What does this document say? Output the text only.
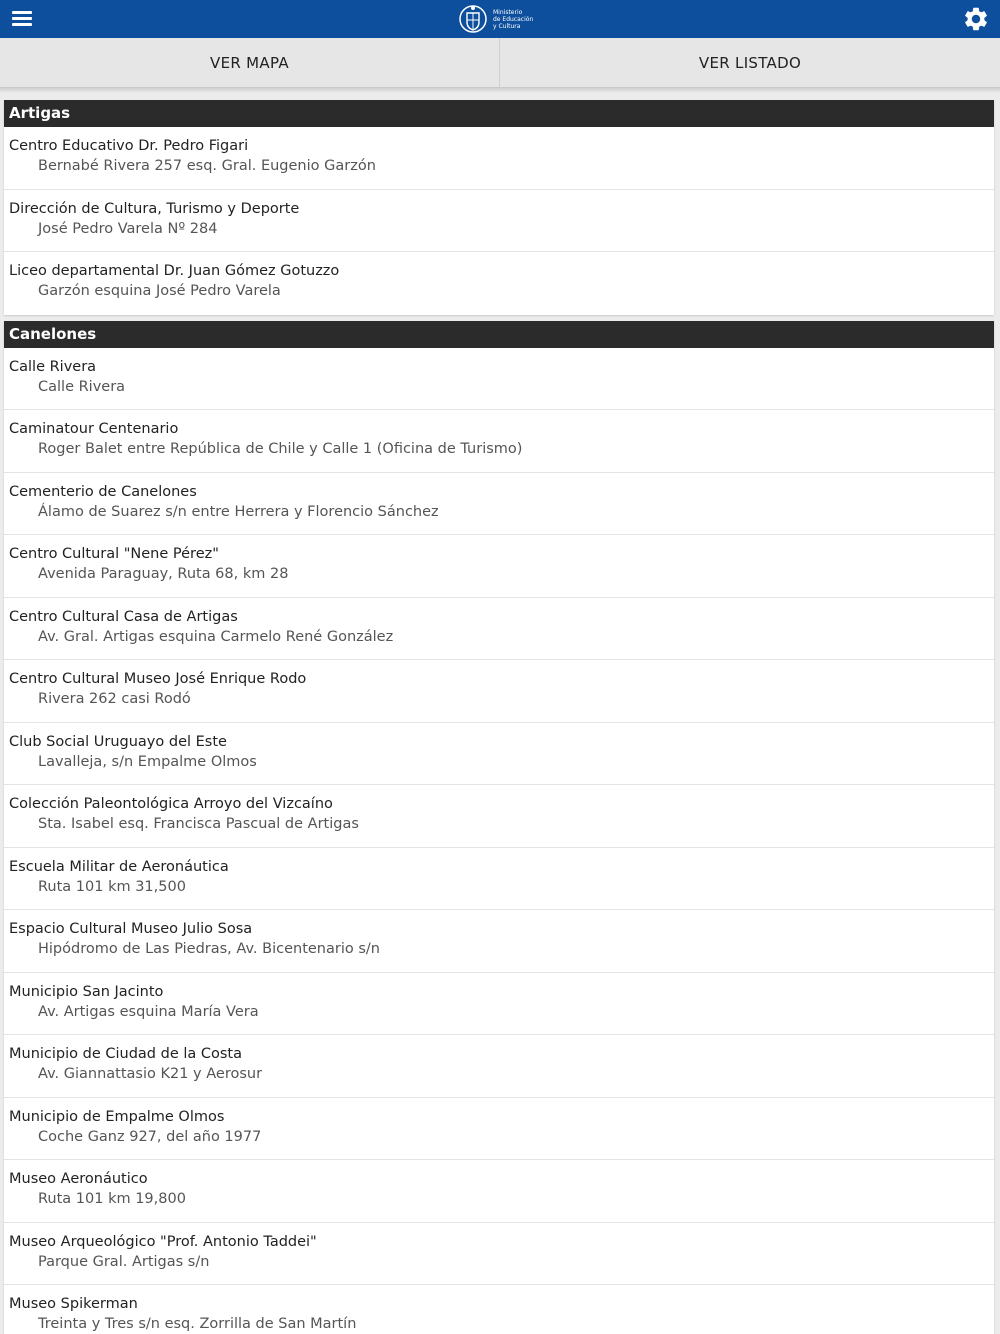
Ministerio
de Educación
y Cultura
VER MAPA	VER LISTADO
Artigas
Centro Educativo Dr. Pedro Figari
Bernabé Rivera 257 esq. Gral. Eugenio Garzón
Dirección de Cultura, Turismo y Deporte
José Pedro Varela Nº 284
Liceo departamental Dr. Juan Gómez Gotuzzo
Garzón esquina José Pedro Varela
Canelones
Calle Rivera
Calle Rivera
Caminatour Centenario
Roger Balet entre República de Chile y Calle 1 (Oficina de Turismo)
Cementerio de Canelones
Álamo de Suarez s/n entre Herrera y Florencio Sánchez
Centro Cultural "Nene Pérez"
Avenida Paraguay, Ruta 68, km 28
Centro Cultural Casa de Artigas
Av. Gral. Artigas esquina Carmelo René González
Centro Cultural Museo José Enrique Rodo
Rivera 262 casi Rodó
Club Social Uruguayo del Este
Lavalleja, s/n Empalme Olmos
Colección Paleontológica Arroyo del Vizcaíno
Sta. Isabel esq. Francisca Pascual de Artigas
Escuela Militar de Aeronáutica
Ruta 101 km 31,500
Espacio Cultural Museo Julio Sosa
Hipódromo de Las Piedras, Av. Bicentenario s/n
Municipio San Jacinto
Av. Artigas esquina María Vera
Municipio de Ciudad de la Costa
Av. Giannattasio K21 y Aerosur
Municipio de Empalme Olmos
Coche Ganz 927, del año 1977
Museo Aeronáutico
Ruta 101 km 19,800
Museo Arqueológico "Prof. Antonio Taddei"
Parque Gral. Artigas s/n
Museo Spikerman
Treinta y Tres s/n esq. Zorrilla de San Martín
